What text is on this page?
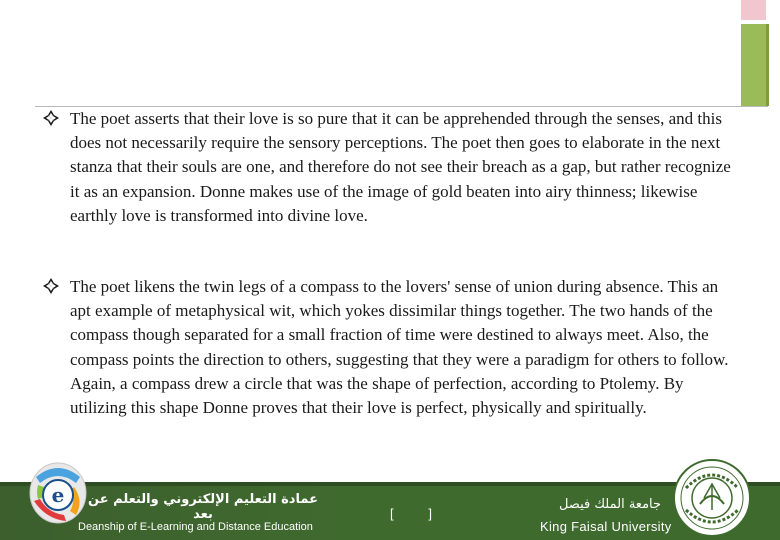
The poet asserts that their love is so pure that it can be apprehended through the senses, and this does not necessarily require the sensory perceptions. The poet then goes to elaborate in the next stanza that their souls are one, and therefore do not see their breach as a gap, but rather recognize it as an expansion. Donne makes use of the image of gold beaten into airy thinness; likewise earthly love is transformed into divine love.
The poet likens the twin legs of a compass to the lovers' sense of union during absence. This an apt example of metaphysical wit, which yokes dissimilar things together. The two hands of the compass though separated for a small fraction of time were destined to always meet. Also, the compass points the direction to others, suggesting that they were a paradigm for others to follow. Again, a compass drew a circle that was the shape of perfection, according to Ptolemy. By utilizing this shape Donne proves that their love is perfect, physically and spiritually.
عمادة التعليم الإلكتروني والتعلم عن بعد
Deanship of E-Learning and Distance Education
[	]
جامعة الملك فيصل
King Faisal University
e
